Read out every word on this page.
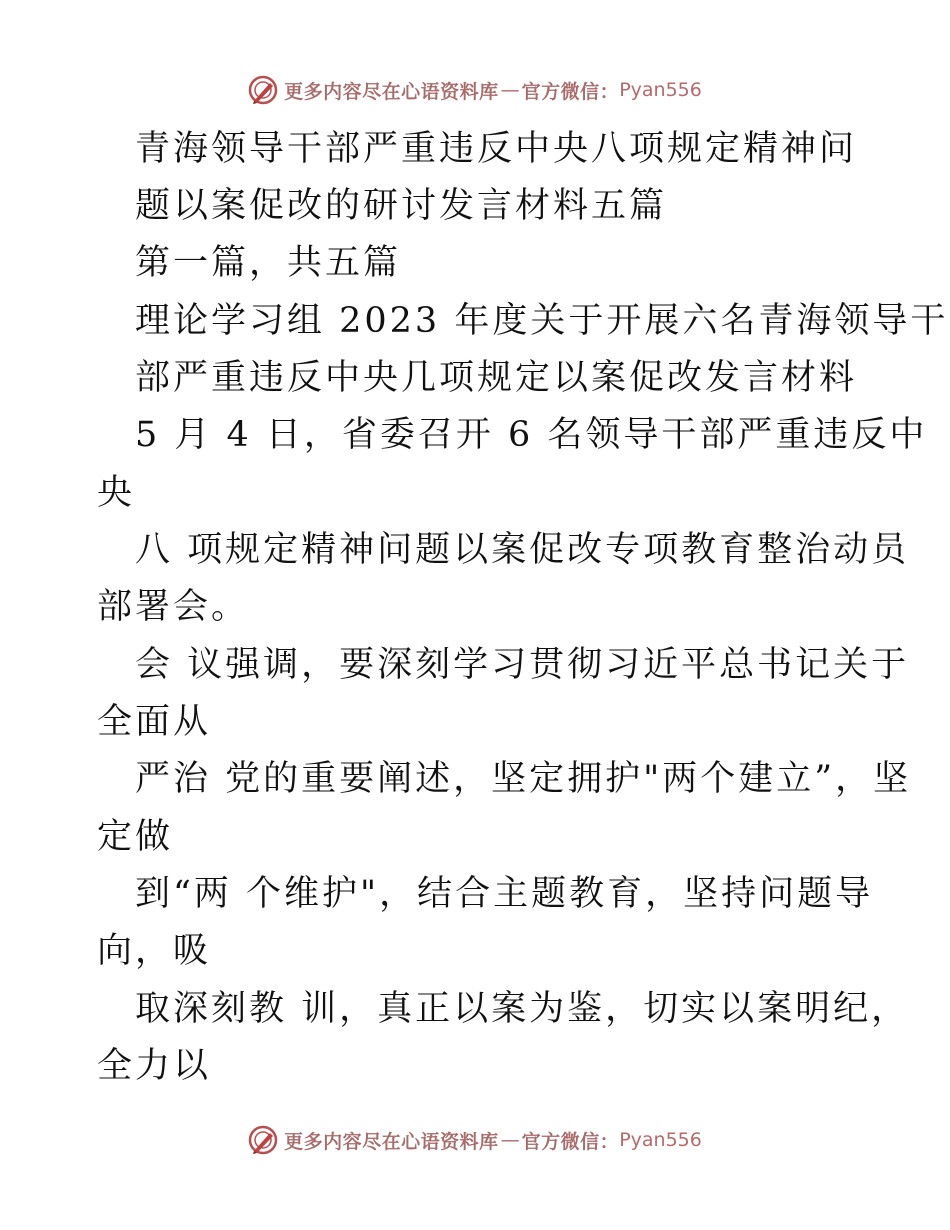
更多内容尽在心语资料库 — 官方微信： Pyan556
青海领导干部严重违反中央八项规定精神问
题以案促改的研讨发言材料五篇
第一篇，共五篇
理论学习组 2023 年度关于开展六名青海领导干
部严重违反中央几项规定以案促改发言材料
5 月 4 日，省委召开 6 名领导干部严重违反中
央
八 项规定精神问题以案促改专项教育整治动员
部署会。
会 议强调，要深刻学习贯彻习近平总书记关于
全面从
严治 党的重要阐述，坚定拥护"两个建立”，坚
定做
到“两 个维护"，结合主题教育，坚持问题导
向，吸
取深刻教 训，真正以案为鉴，切实以案明纪，
全力以
更多内容尽在心语资料库 — 官方微信： Pyan556
